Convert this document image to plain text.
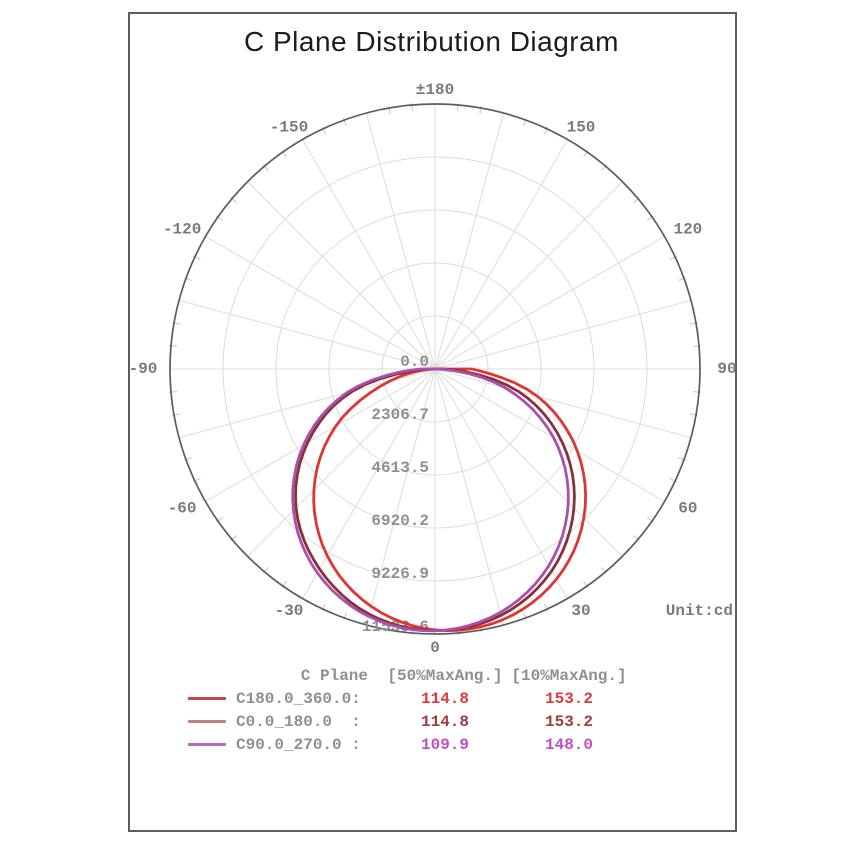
C Plane Distribution Diagram
0.0
2306.7
4613.5
6920.2
9226.9
11533.6
0
30
-30
60
-60
90
-90
120
-120
150
-150
±180
Unit:cd
C Plane [50%MaxAng.] [10%MaxAng.]
C180.0_360.0:	114.8	153.2
C0.0_180.0  :	114.8	153.2
C90.0_270.0 :	109.9	148.0
